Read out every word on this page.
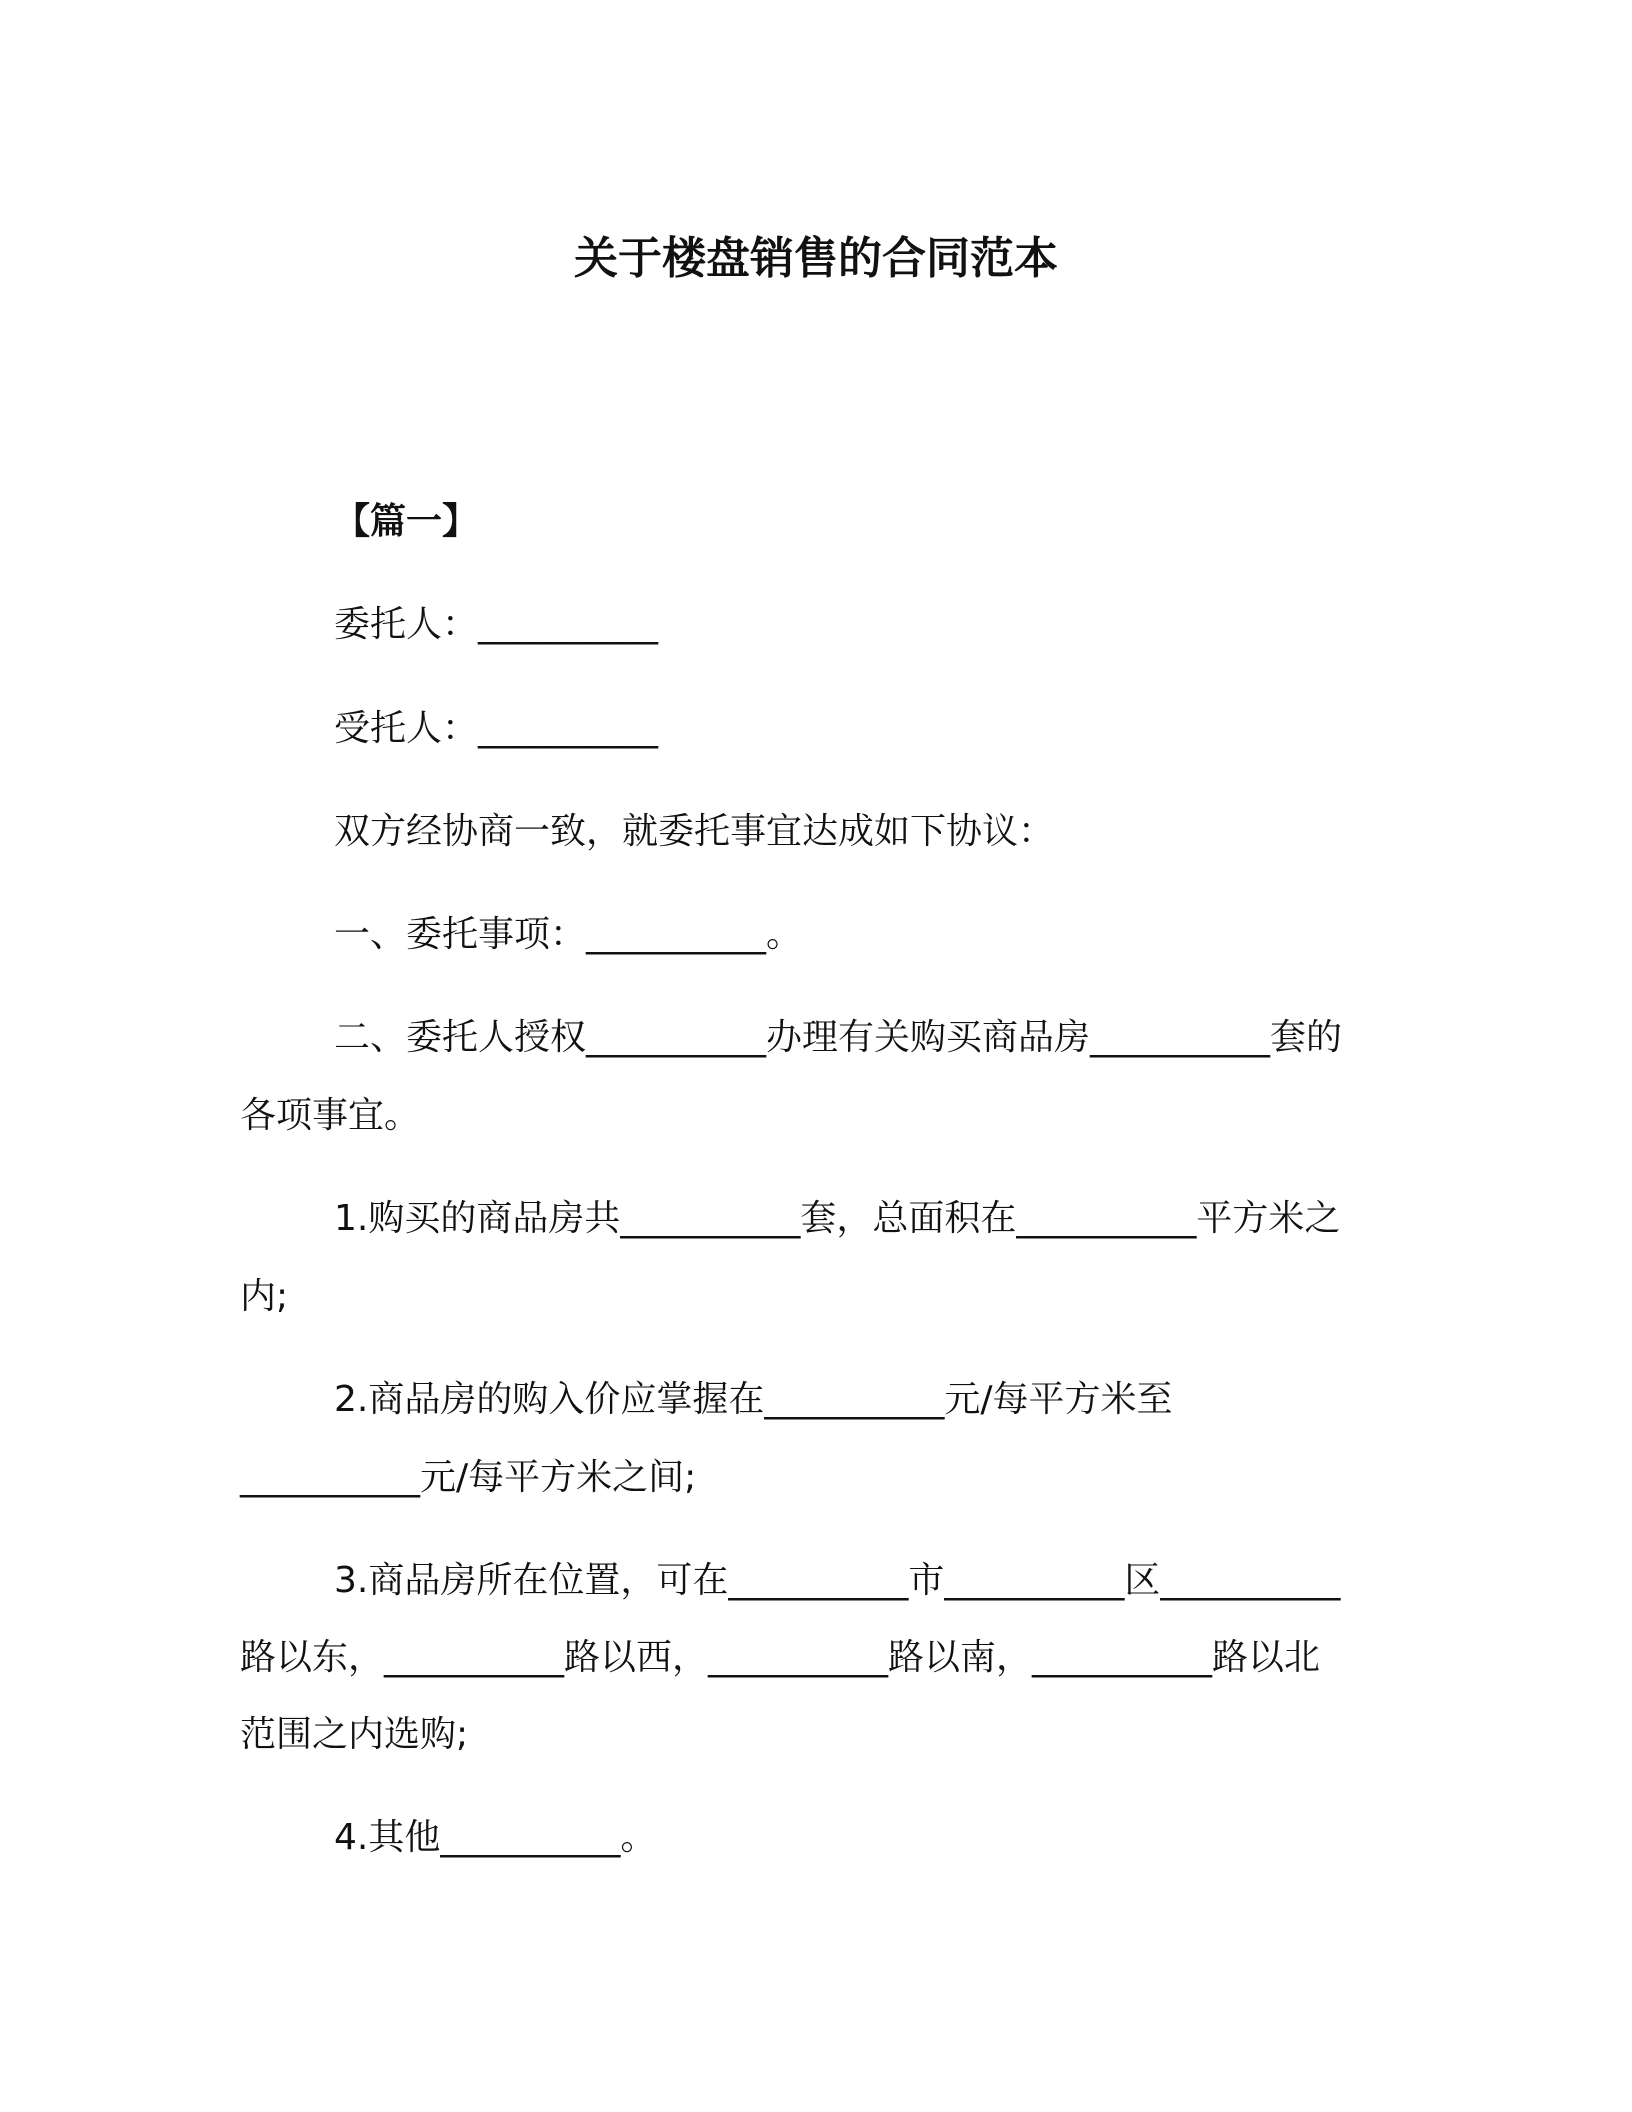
关于楼盘销售的合同范本
【篇一】
委托人：__________
受托人：__________
双方经协商一致，就委托事宜达成如下协议：
一、委托事项：__________。
二、委托人授权__________办理有关购买商品房__________套的
各项事宜。
1.购买的商品房共__________套，总面积在__________平方米之
内;
2.商品房的购入价应掌握在__________元/每平方米至
__________元/每平方米之间;
3.商品房所在位置，可在__________市__________区__________
路以东，__________路以西，__________路以南，__________路以北
范围之内选购;
4.其他__________。
